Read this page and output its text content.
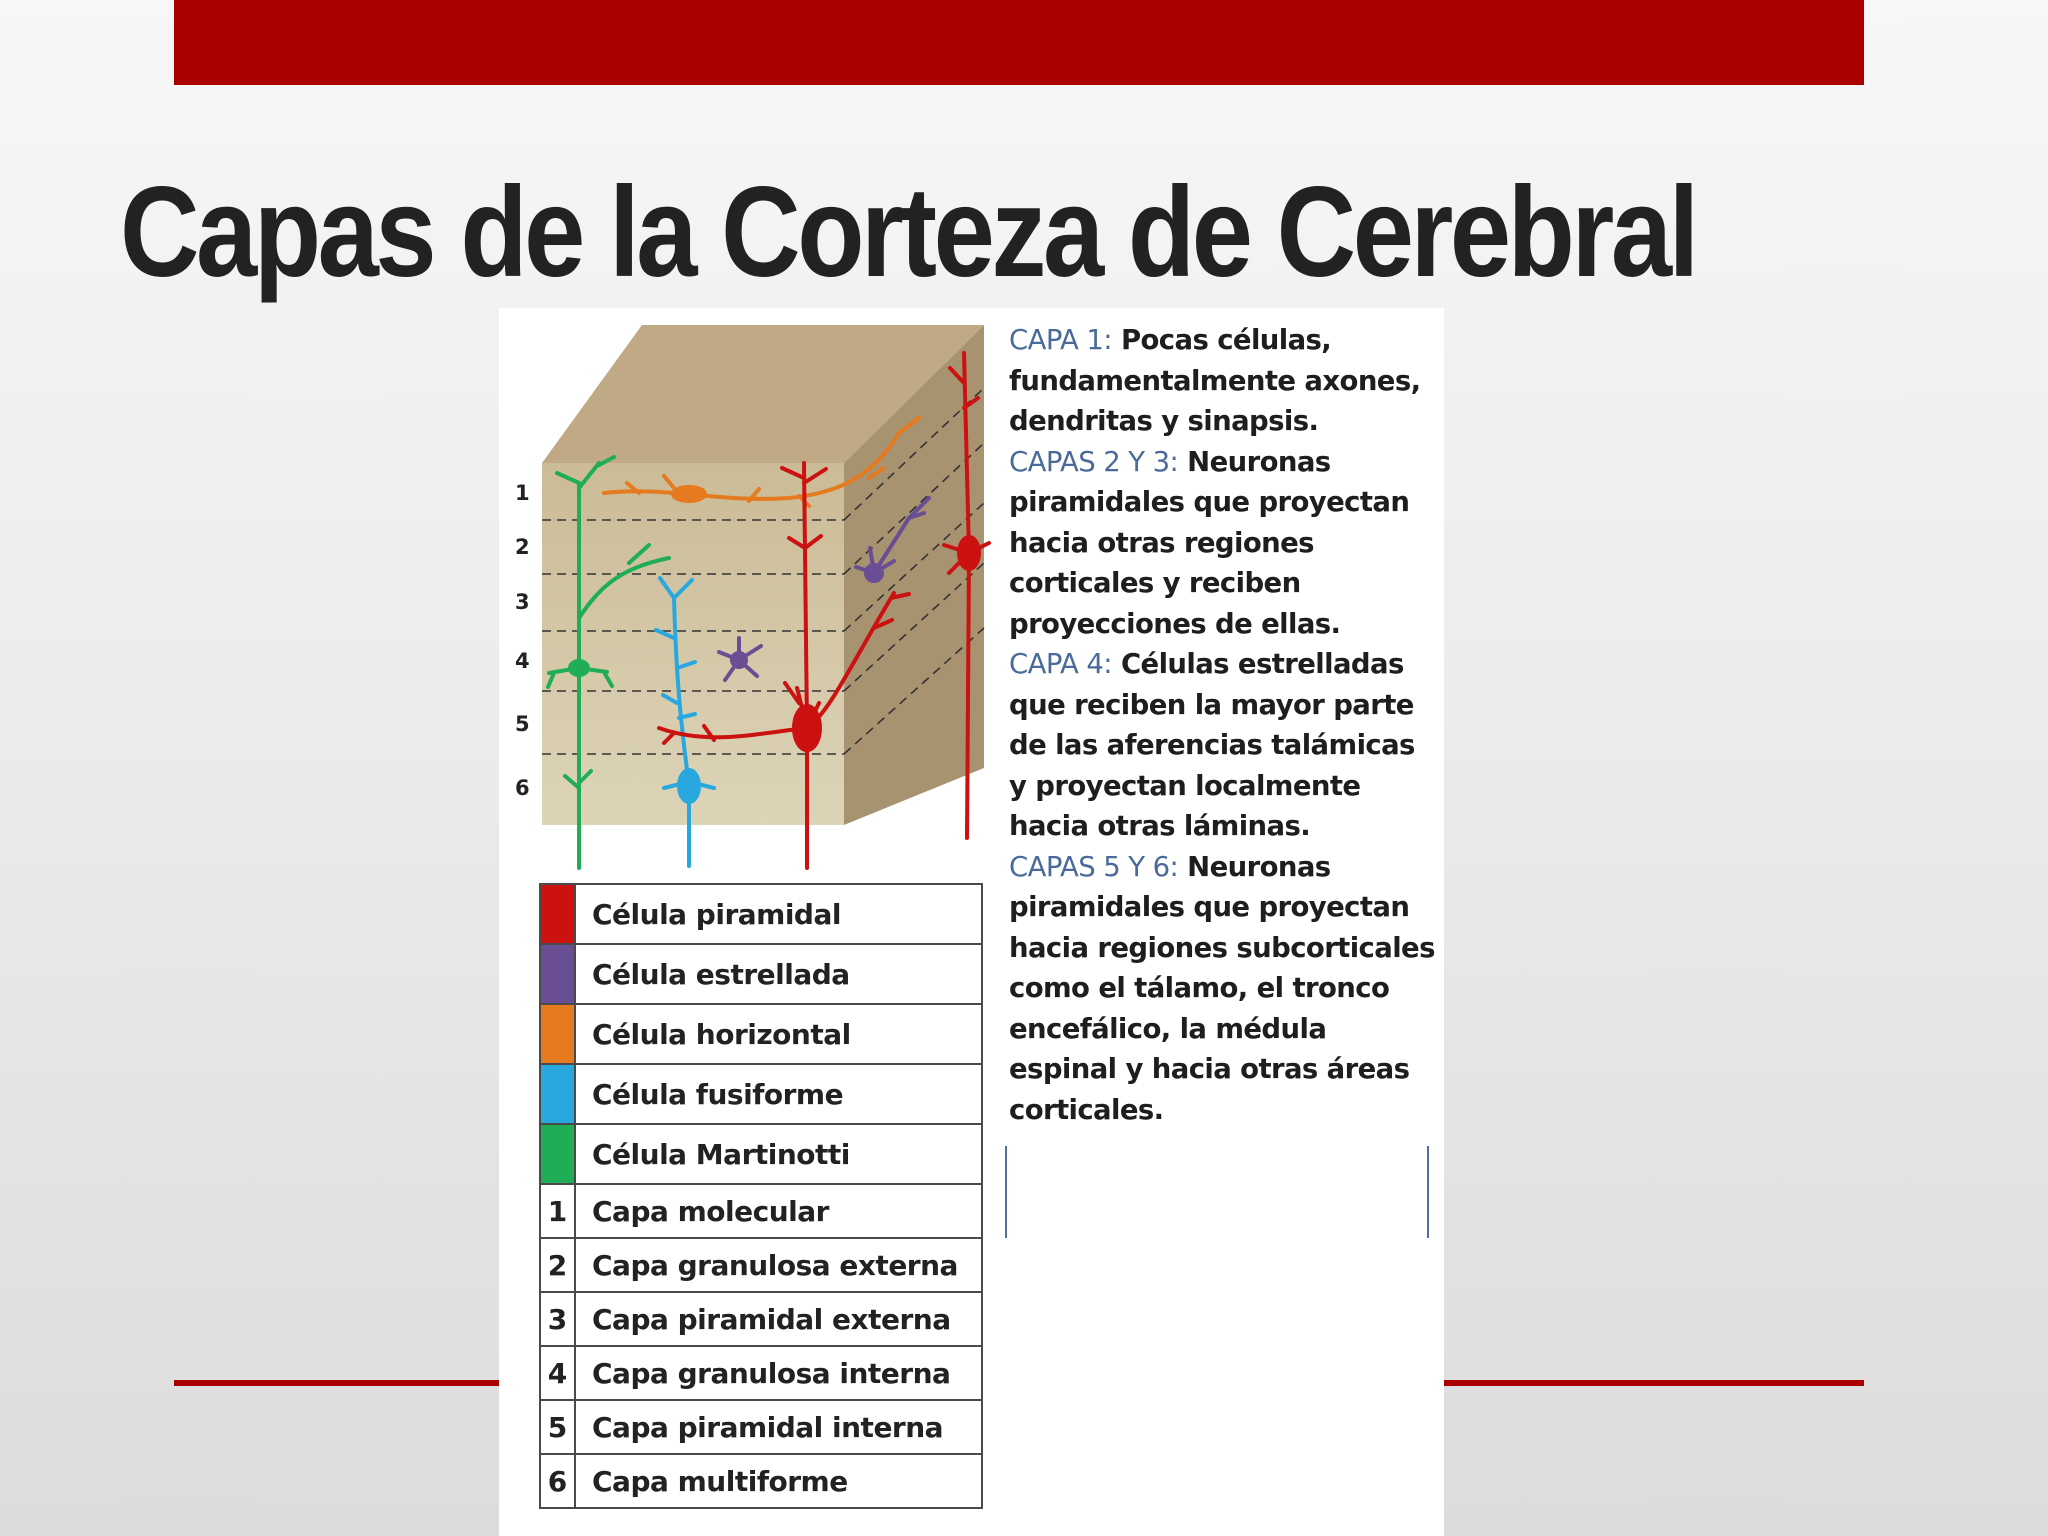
Capas de la Corteza de Cerebral
1
2
3
4
5
6
	Célula piramidal
	Célula estrellada
	Célula horizontal
	Célula fusiforme
	Célula Martinotti
1	Capa molecular
2	Capa granulosa externa
3	Capa piramidal externa
4	Capa granulosa interna
5	Capa piramidal interna
6	Capa multiforme

CAPA 1: Pocas células, fundamentalmente axones, dendritas y sinapsis.

CAPAS 2 Y 3: Neuronas piramidales que proyectan hacia otras regiones corticales y reciben proyecciones de ellas.

CAPA 4: Células estrelladas que reciben la mayor parte de las aferencias talámicas y proyectan localmente hacia otras láminas.

CAPAS 5 Y 6: Neuronas piramidales que proyectan hacia regiones subcorticales como el tálamo, el tronco encefálico, la médula espinal y hacia otras áreas corticales.
